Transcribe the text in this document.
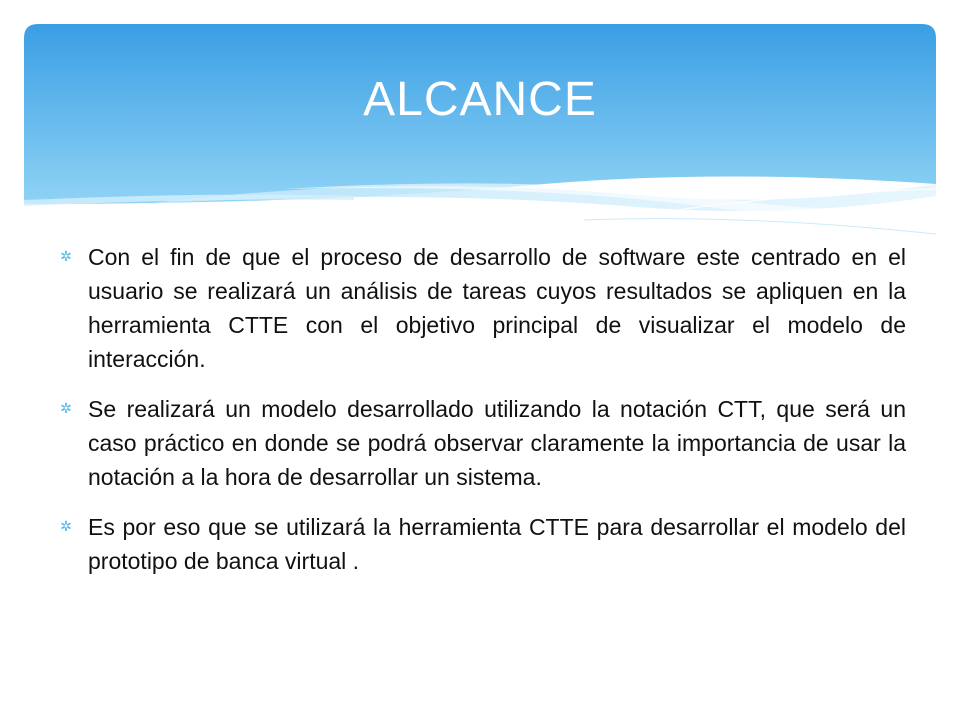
ALCANCE
✲ Con el fin de que el proceso de desarrollo de software este centrado en el usuario se realizará un análisis de tareas cuyos resultados se apliquen en la herramienta CTTE con el objetivo principal de visualizar el modelo de interacción.
✲ Se realizará un modelo desarrollado utilizando la notación CTT, que será un caso práctico en donde se podrá observar claramente la importancia de usar la notación a la hora de desarrollar un sistema.
✲ Es por eso que se utilizará la herramienta CTTE para desarrollar el modelo del prototipo de banca virtual .
